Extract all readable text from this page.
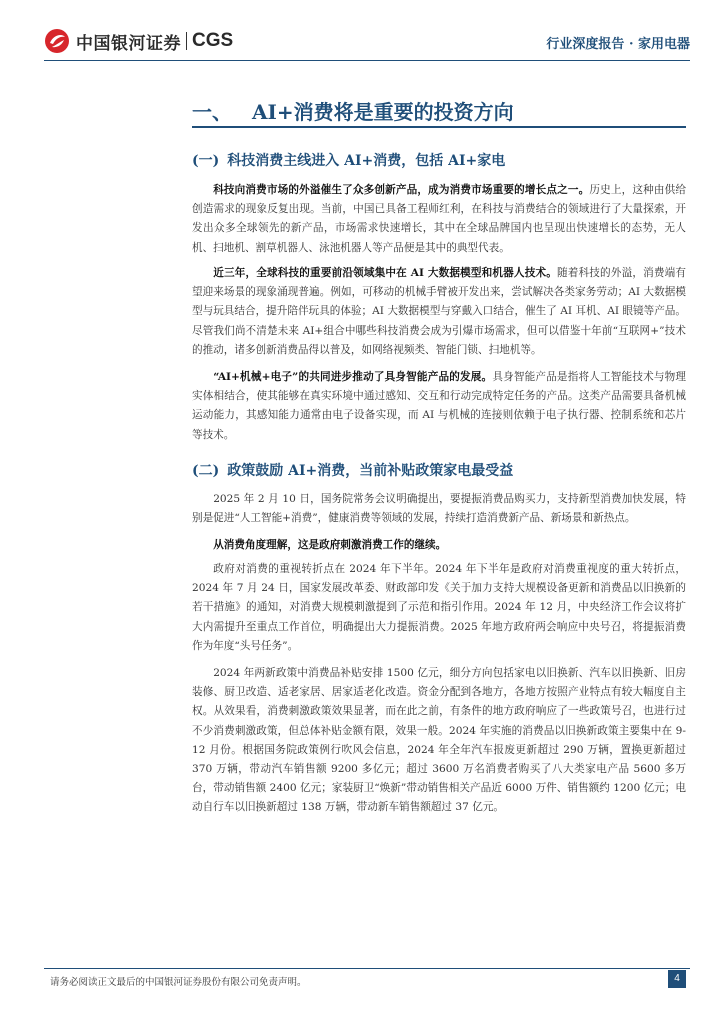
中国银河证券 CGS	行业深度报告 · 家用电器
一、 AI+消费将是重要的投资方向
(一) 科技消费主线进入 AI+消费，包括 AI+家电
科技向消费市场的外溢催生了众多创新产品，成为消费市场重要的增长点之一。历史上，这种由供给创造需求的现象反复出现。当前，中国已具备工程师红利，在科技与消费结合的领域进行了大量探索，开发出众多全球领先的新产品，市场需求快速增长，其中在全球品牌国内也呈现出快速增长的态势，无人机、扫地机、割草机器人、泳池机器人等产品便是其中的典型代表。
近三年，全球科技的重要前沿领域集中在 AI 大数据模型和机器人技术。随着科技的外溢，消费端有望迎来场景的现象涌现普遍。例如，可移动的机械手臂被开发出来，尝试解决各类家务劳动；AI 大数据模型与玩具结合，提升陪伴玩具的体验；AI 大数据模型与穿戴入口结合，催生了 AI 耳机、AI 眼镜等产品。尽管我们尚不清楚未来 AI+组合中哪些科技消费会成为引爆市场需求，但可以借鉴十年前“互联网+”技术的推动，诸多创新消费品得以普及，如网络视频类、智能门锁、扫地机等。
“AI+机械+电子”的共同进步推动了具身智能产品的发展。具身智能产品是指将人工智能技术与物理实体相结合，使其能够在真实环境中通过感知、交互和行动完成特定任务的产品。这类产品需要具备机械运动能力，其感知能力通常由电子设备实现，而 AI 与机械的连接则依赖于电子执行器、控制系统和芯片等技术。
(二) 政策鼓励 AI+消费，当前补贴政策家电最受益
2025 年 2 月 10 日，国务院常务会议明确提出，要提振消费品购买力，支持新型消费加快发展，特别是促进“人工智能+消费”，健康消费等领域的发展，持续打造消费新产品、新场景和新热点。
从消费角度理解，这是政府刺激消费工作的继续。
政府对消费的重视转折点在 2024 年下半年。2024 年下半年是政府对消费重视度的重大转折点，2024 年 7 月 24 日，国家发展改革委、财政部印发《关于加力支持大规模设备更新和消费品以旧换新的若干措施》的通知，对消费大规模刺激提到了示范和指引作用。2024 年 12 月，中央经济工作会议将扩大内需提升至重点工作首位，明确提出大力提振消费。2025 年地方政府两会响应中央号召，将提振消费作为年度“头号任务”。
2024 年两新政策中消费品补贴安排 1500 亿元，细分方向包括家电以旧换新、汽车以旧换新、旧房装修、厨卫改造、适老家居、居家适老化改造。资金分配到各地方，各地方按照产业特点有较大幅度自主权。从效果看，消费刺激政策效果显著，而在此之前，有条件的地方政府响应了一些政策号召，也进行过不少消费刺激政策，但总体补贴金额有限，效果一般。2024 年实施的消费品以旧换新政策主要集中在 9-12 月份。根据国务院政策例行吹风会信息，2024 年全年汽车报废更新超过 290 万辆，置换更新超过 370 万辆，带动汽车销售额 9200 多亿元；超过 3600 万名消费者购买了八大类家电产品 5600 多万台，带动销售额 2400 亿元；家装厨卫“焕新”带动销售相关产品近 6000 万件、销售额约 1200 亿元；电动自行车以旧换新超过 138 万辆，带动新车销售额超过 37 亿元。
请务必阅读正文最后的中国银河证券股份有限公司免责声明。	4
